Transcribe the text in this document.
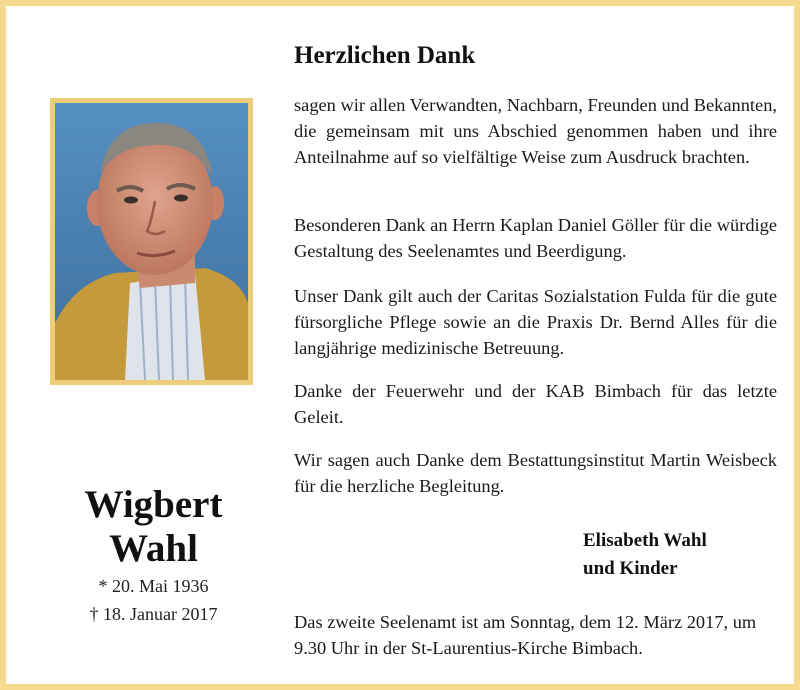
Wigbert
Wahl
* 20. Mai 1936
† 18. Januar 2017
Herzlichen Dank
sagen wir allen Verwandten, Nachbarn, Freunden und Bekannten, die gemeinsam mit uns Abschied genommen haben und ihre Anteilnahme auf so vielfältige Weise zum Ausdruck brachten.
Besonderen Dank an Herrn Kaplan Daniel Göller für die würdige Gestaltung des Seelenamtes und Beerdigung.
Unser Dank gilt auch der Caritas Sozialstation Fulda für die gute fürsorgliche Pflege sowie an die Praxis Dr. Bernd Alles für die langjährige medizinische Betreuung.
Danke der Feuerwehr und der KAB Bimbach für das letzte Geleit.
Wir sagen auch Danke dem Bestattungsinstitut Martin Weisbeck für die herzliche Begleitung.
Elisabeth Wahl
und Kinder
Das zweite Seelenamt ist am Sonntag, dem 12. März 2017, um 9.30 Uhr in der St-Laurentius-Kirche Bimbach.
